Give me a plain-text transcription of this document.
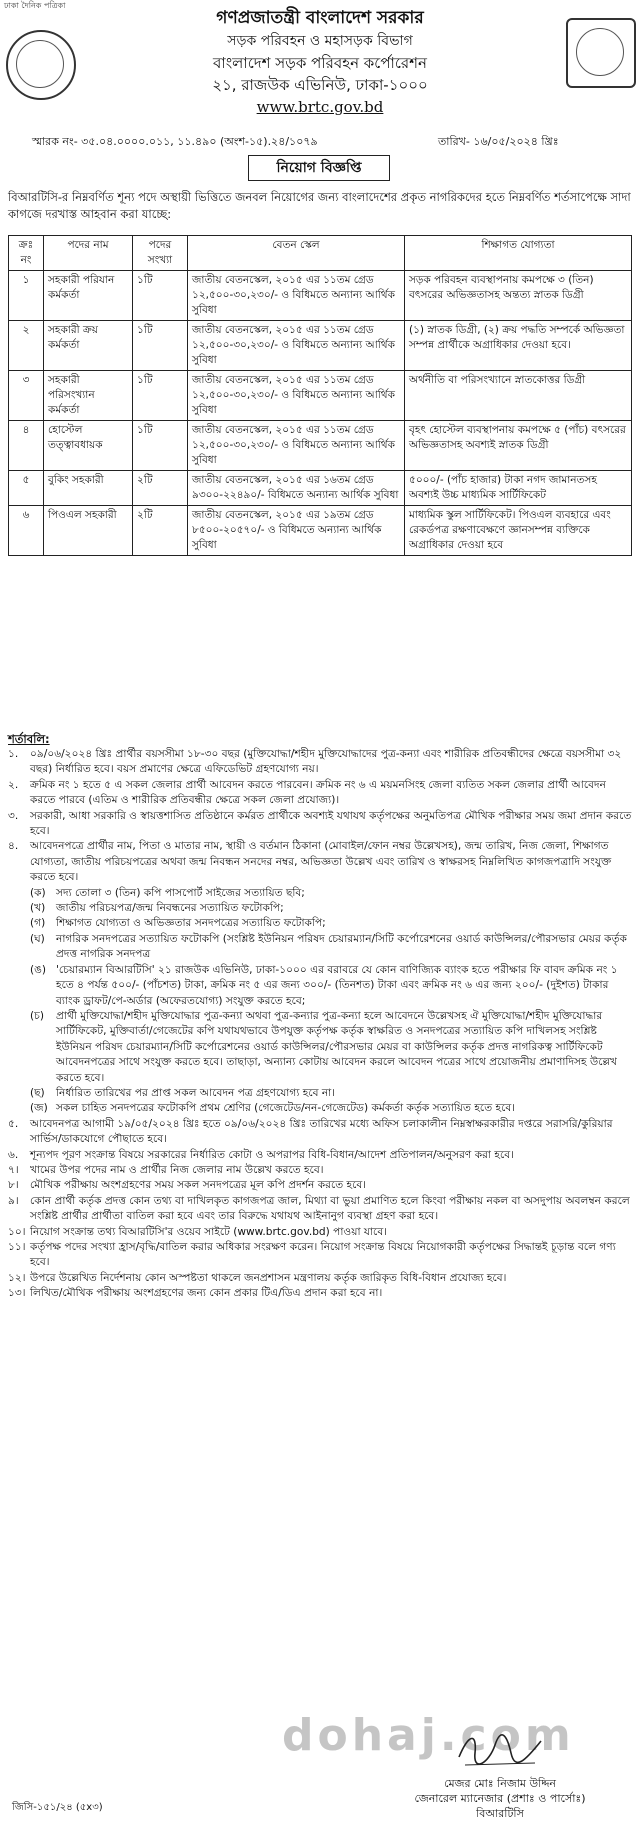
ঢাকা দৈনিক পত্রিকা
গণপ্রজাতন্ত্রী বাংলাদেশ সরকার
সড়ক পরিবহন ও মহাসড়ক বিভাগ
বাংলাদেশ সড়ক পরিবহন কর্পোরেশন
২১, রাজউক এভিনিউ, ঢাকা-১০০০
www.brtc.gov.bd
স্মারক নং- ৩৫.০৪.০০০০.০১১, ১১.৪৯০ (অংশ-১৫).২৪/১০৭৯	তারিখ- ১৬/০৫/২০২৪ খ্রিঃ
নিয়োগ বিজ্ঞপ্তি
বিআরটিসি-র নিম্নবর্ণিত শূন্য পদে অস্থায়ী ভিত্তিতে জনবল নিয়োগের জন্য বাংলাদেশের প্রকৃত নাগরিকদের হতে নিম্নবর্ণিত শর্তসাপেক্ষে সাদা কাগজে দরখাস্ত আহবান করা যাচ্ছে:
ক্রঃ নং	পদের নাম	পদের সংখ্যা	বেতন স্কেল	শিক্ষাগত যোগ্যতা
১	সহকারী পরিযান কর্মকর্তা	১টি	জাতীয় বেতনস্কেল, ২০১৫ এর ১১তম গ্রেড ১২,৫০০-৩০,২৩০/- ও বিধিমতে অন্যান্য আর্থিক সুবিধা	সড়ক পরিবহন ব্যবস্থাপনায় কমপক্ষে ৩ (তিন) বৎসরের অভিজ্ঞতাসহ অন্তত্য স্নাতক ডিগ্রী
২	সহকারী ক্রয় কর্মকর্তা	১টি	জাতীয় বেতনস্কেল, ২০১৫ এর ১১তম গ্রেড ১২,৫০০-৩০,২৩০/- ও বিধিমতে অন্যান্য আর্থিক সুবিধা	(১) স্নাতক ডিগ্রী, (২) ক্রয় পদ্ধতি সম্পর্কে অভিজ্ঞতা সম্পন্ন প্রার্থীকে অগ্রাধিকার দেওয়া হবে।
৩	সহকারী পরিসংখ্যান কর্মকর্তা	১টি	জাতীয় বেতনস্কেল, ২০১৫ এর ১১তম গ্রেড ১২,৫০০-৩০,২৩০/- ও বিধিমতে অন্যান্য আর্থিক সুবিধা	অর্থনীতি বা পরিসংখ্যানে স্নাতকোত্তর ডিগ্রী
৪	হোস্টেল তত্ত্বাবধায়ক	১টি	জাতীয় বেতনস্কেল, ২০১৫ এর ১১তম গ্রেড ১২,৫০০-৩০,২৩০/- ও বিধিমতে অন্যান্য আর্থিক সুবিধা	বৃহৎ হোস্টেল ব্যবস্থাপনায় কমপক্ষে ৫ (পাঁচ) বৎসরের অভিজ্ঞতাসহ অবশ্যই স্নাতক ডিগ্রী
৫	বুকিং সহকারী	২টি	জাতীয় বেতনস্কেল, ২০১৫ এর ১৬তম গ্রেড ৯৩০০-২২৪৯০/- বিধিমতে অন্যান্য আর্থিক সুবিধা	৫০০০/- (পাঁচ হাজার) টাকা নগদ জামানতসহ অবশ্যই উচ্চ মাধ্যমিক সার্টিফিকেট
৬	পিওএল সহকারী	২টি	জাতীয় বেতনস্কেল, ২০১৫ এর ১৯তম গ্রেড ৮৫০০-২০৫৭০/- ও বিধিমতে অন্যান্য আর্থিক সুবিধা	মাধ্যমিক স্কুল সার্টিফিকেট। পিওএল ব্যবহারে এবং রেকর্ডপত্র রক্ষণাবেক্ষণে জ্ঞানসম্পন্ন ব্যক্তিকে অগ্রাধিকার দেওয়া হবে
শর্তাবলি:
১.	০৯/০৬/২০২৪ খ্রিঃ প্রার্থীর বয়সসীমা ১৮-৩০ বছর (মুক্তিযোদ্ধা/শহীদ মুক্তিযোদ্ধাদের পুত্র-কন্যা এবং শারীরিক প্রতিবন্ধীদের ক্ষেত্রে বয়সসীমা ৩২ বছর) নির্ধারিত হবে। বয়স প্রমাণের ক্ষেত্রে এফিডেভিট গ্রহণযোগ্য নয়।
২.	ক্রমিক নং ১ হতে ৫ এ সকল জেলার প্রার্থী আবেদন করতে পারবেন। ক্রমিক নং ৬ এ ময়মনসিংহ জেলা ব্যতিত সকল জেলার প্রার্থী আবেদন করতে পারবে (এতিম ও শারীরিক প্রতিবন্ধীর ক্ষেত্রে সকল জেলা প্রযোজ্য)।
৩.	সরকারী, আধা সরকারি ও স্বায়ত্তশাসিত প্রতিষ্ঠানে কর্মরত প্রার্থীকে অবশ্যই যথাযথ কর্তৃপক্ষের অনুমতিপত্র মৌখিক পরীক্ষার সময় জমা প্রদান করতে হবে।
৪.	আবেদনপত্রে প্রার্থীর নাম, পিতা ও মাতার নাম, স্থায়ী ও বর্তমান ঠিকানা (মোবাইল/ফোন নম্বর উল্লেখসহ), জন্ম তারিখ, নিজ জেলা, শিক্ষাগত যোগ্যতা, জাতীয় পরিচয়পত্রের অথবা জন্ম নিবন্ধন সনদের নম্বর, অভিজ্ঞতা উল্লেখ এবং তারিখ ও স্বাক্ষরসহ নিম্নলিখিত কাগজপত্রাদি সংযুক্ত করতে হবে।
(ক) সদ্য তোলা ৩ (তিন) কপি পাসপোর্ট সাইজের সত্যায়িত ছবি;
(খ)	জাতীয় পরিচয়পত্র/জন্ম নিবন্ধনের সত্যায়িত ফটোকপি;
(গ)	শিক্ষাগত যোগ্যতা ও অভিজ্ঞতার সনদপত্রের সত্যায়িত ফটোকপি;
(ঘ)	নাগরিক সনদপত্রের সত্যায়িত ফটোকপি (সংশ্লিষ্ট ইউনিয়ন পরিষদ চেয়ারম্যান/সিটি কর্পোরেশনের ওয়ার্ড কাউন্সিলর/পৌরসভার মেয়র কর্তৃক প্রদত্ত নাগরিক সনদপত্র
(ঙ) 'চেয়ারম্যান বিআরটিসি' ২১ রাজউক এভিনিউ, ঢাকা-১০০০ এর বরাবরে যে কোন বাণিজ্যিক ব্যাংক হতে পরীক্ষার ফি বাবদ ক্রমিক নং ১ হতে ৪ পর্যন্ত ৫০০/- (পাঁচশত) টাকা, ক্রমিক নং ৫ এর জন্য ৩০০/- (তিনশত) টাকা এবং ক্রমিক নং ৬ এর জন্য ২০০/- (দুইশত) টাকার ব্যাংক ড্রাফট/পে-অর্ডার (অফেরতযোগ্য) সংযুক্ত করতে হবে;
(চ)	প্রার্থী মুক্তিযোদ্ধা/শহীদ মুক্তিযোদ্ধার পুত্র-কন্যা অথবা পুত্র-কন্যার পুত্র-কন্যা হলে আবেদনে উল্লেখসহ ঐ মুক্তিযোদ্ধা/শহীদ মুক্তিযোদ্ধার সার্টিফিকেট, মুক্তিবার্তা/গেজেটের কপি যথাযথভাবে উপযুক্ত কর্তৃপক্ষ কর্তৃক স্বাক্ষরিত ও সনদপত্রের সত্যায়িত কপি দাখিলসহ সংশ্লিষ্ট ইউনিয়ন পরিষদ চেয়ারম্যান/সিটি কর্পোরেশনের ওয়ার্ড কাউন্সিলর/পৌরসভার মেয়র বা কাউন্সিলর কর্তৃক প্রদত্ত নাগরিকত্ব সার্টিফিকেট আবেদনপত্রের সাথে সংযুক্ত করতে হবে। তাছাড়া, অন্যান্য কোটায় আবেদন করলে আবেদন পত্রের সাথে প্রয়োজনীয় প্রমাণাদিসহ উল্লেখ করতে হবে।
(ছ)	নির্ধারিত তারিখের পর প্রাপ্ত সকল আবেদন পত্র গ্রহণযোগ্য হবে না।
(জ) সকল চাহিত সনদপত্রের ফটোকপি প্রথম শ্রেণির (গেজেটেড/নন-গেজেটেড) কর্মকর্তা কর্তৃক সত্যায়িত হতে হবে।
৫.	আবেদনপত্র আগামী ১৯/০৫/২০২৪ খ্রিঃ হতে ০৯/০৬/২০২৪ খ্রিঃ তারিখের মধ্যে অফিস চলাকালীন নিম্নস্বাক্ষরকারীর দপ্তরে সরাসরি/কুরিয়ার সার্ভিস/ডাকযোগে পৌছাতে হবে।
৬.	শূন্যপদ পূরণ সংক্রান্ত বিষয়ে সরকারের নির্ধারিত কোটা ও অপরাপর বিধি-বিধান/আদেশ প্রতিপালন/অনুসরণ করা হবে।
৭।	খামের উপর পদের নাম ও প্রার্থীর নিজ জেলার নাম উল্লেখ করতে হবে।
৮।	মৌখিক পরীক্ষায় অংশগ্রহণের সময় সকল সনদপত্রের মূল কপি প্রদর্শন করতে হবে।
৯।	কোন প্রার্থী কর্তৃক প্রদত্ত কোন তথ্য বা দাখিলকৃত কাগজপত্র জাল, মিথ্যা বা ভুয়া প্রমাণিত হলে কিংবা পরীক্ষায় নকল বা অসদুপায় অবলম্বন করলে সংশ্লিষ্ট প্রার্থীর প্রার্থীতা বাতিল করা হবে এবং তার বিরুদ্ধে যথাযথ আইনানুগ ব্যবস্থা গ্রহণ করা হবে।
১০। নিয়োগ সংক্রান্ত তথ্য বিআরটিসি'র ওয়েব সাইটে (www.brtc.gov.bd) পাওয়া যাবে।
১১। কর্তৃপক্ষ পদের সংখ্যা হ্রাস/বৃদ্ধি/বাতিল করার অধিকার সংরক্ষণ করেন। নিয়োগ সংক্রান্ত বিষয়ে নিয়োগকারী কর্তৃপক্ষের সিদ্ধান্তই চূড়ান্ত বলে গণ্য হবে।
১২। উপরে উল্লেখিত নির্দেশনায় কোন অস্পষ্টতা থাকলে জনপ্রশাসন মন্ত্রণালয় কর্তৃক জারিকৃত বিধি-বিধান প্রযোজ্য হবে।
১৩। লিখিত/মৌখিক পরীক্ষায় অংশগ্রহণের জন্য কোন প্রকার টিএ/ডিএ প্রদান করা হবে না।
dohaj.com
মেজর মোঃ নিজাম উদ্দিন
জেনারেল ম্যানেজার (প্রশাঃ ও পার্সোঃ)
বিআরটিসি
জিসি-১৫১/২৪ (৫x৩)
